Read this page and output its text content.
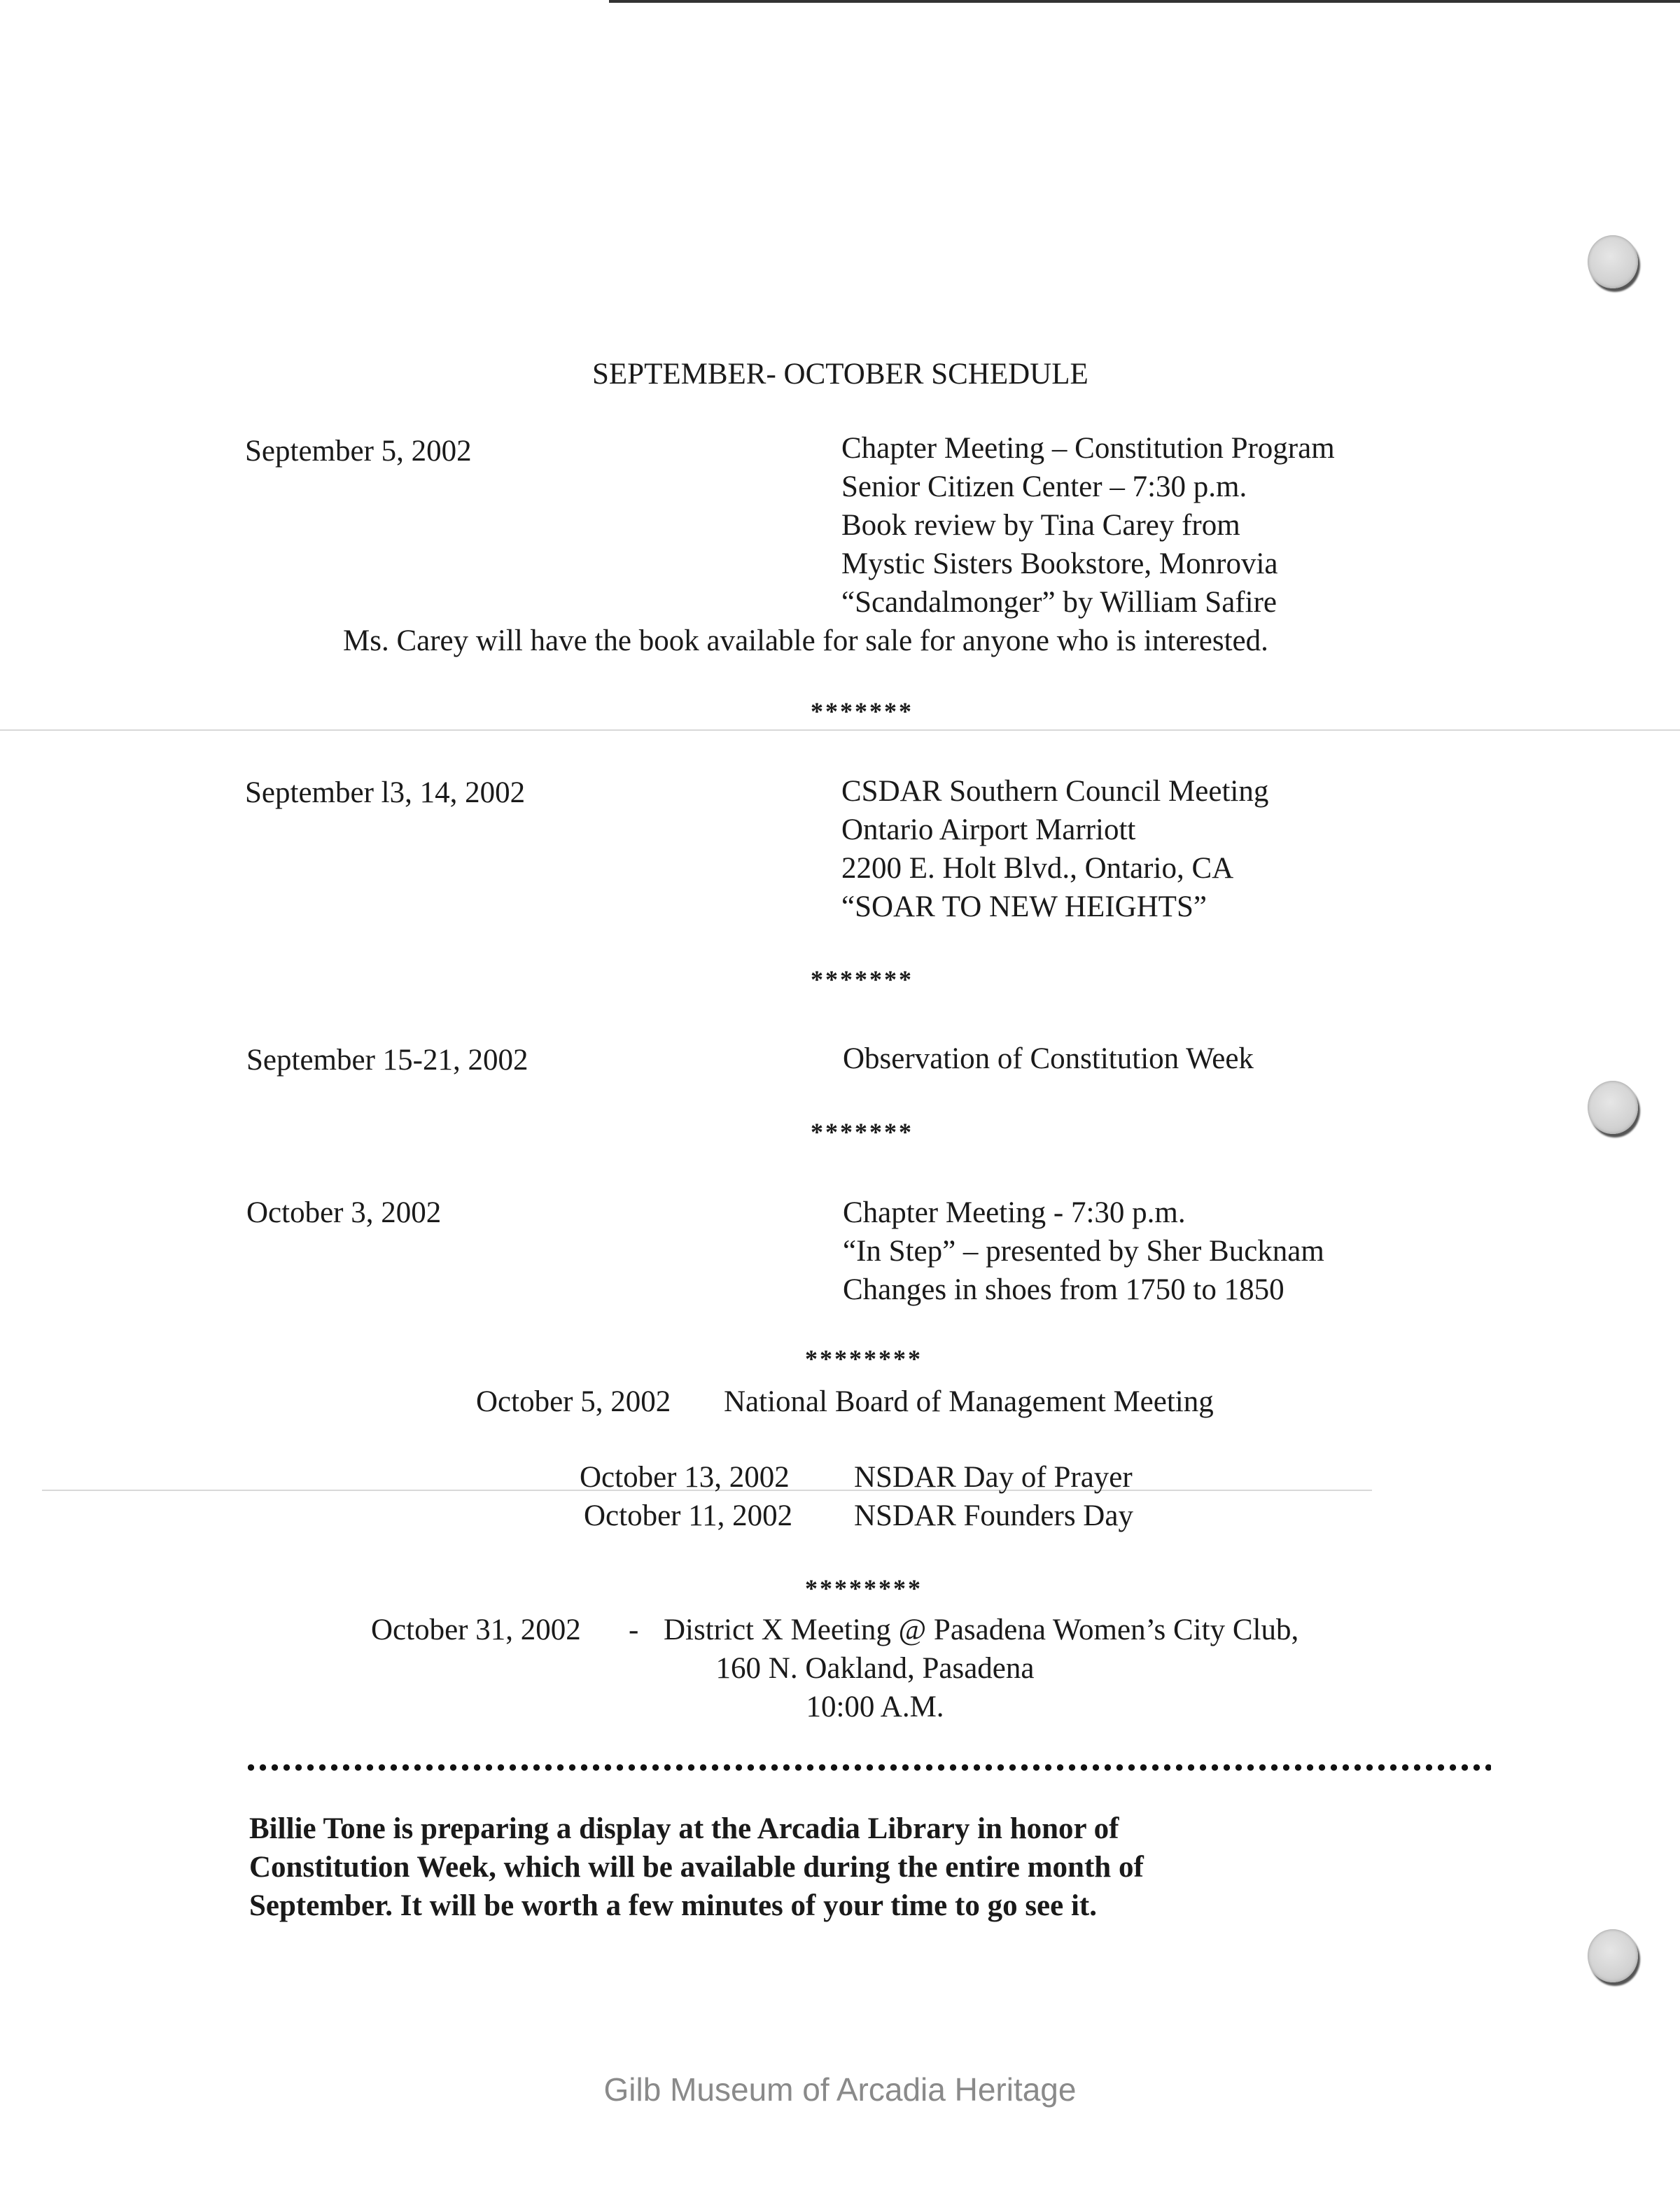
SEPTEMBER- OCTOBER SCHEDULE
September 5, 2002	Chapter Meeting – Constitution Program
Senior Citizen Center – 7:30 p.m.
Book review by Tina Carey from
Mystic Sisters Bookstore, Monrovia
“Scandalmonger” by William Safire
Ms. Carey will have the book available for sale for anyone who is interested.
*******
September l3, 14, 2002	CSDAR Southern Council Meeting
Ontario Airport Marriott
2200 E. Holt Blvd., Ontario, CA
“SOAR TO NEW HEIGHTS”
*******
September 15-21, 2002	Observation of Constitution Week
*******
October 3, 2002	Chapter Meeting - 7:30 p.m.
“In Step” – presented by Sher Bucknam
Changes in shoes from 1750 to 1850
********
October 5, 2002 National Board of Management Meeting
October 13, 2002 NSDAR Day of Prayer
October 11, 2002 NSDAR Founders Day
********
October 31, 2002 - District X Meeting @ Pasadena Women’s City Club,
160 N. Oakland, Pasadena
10:00 A.M.
Billie Tone is preparing a display at the Arcadia Library in honor of
Constitution Week, which will be available during the entire month of
September. It will be worth a few minutes of your time to go see it.
Gilb Museum of Arcadia Heritage
